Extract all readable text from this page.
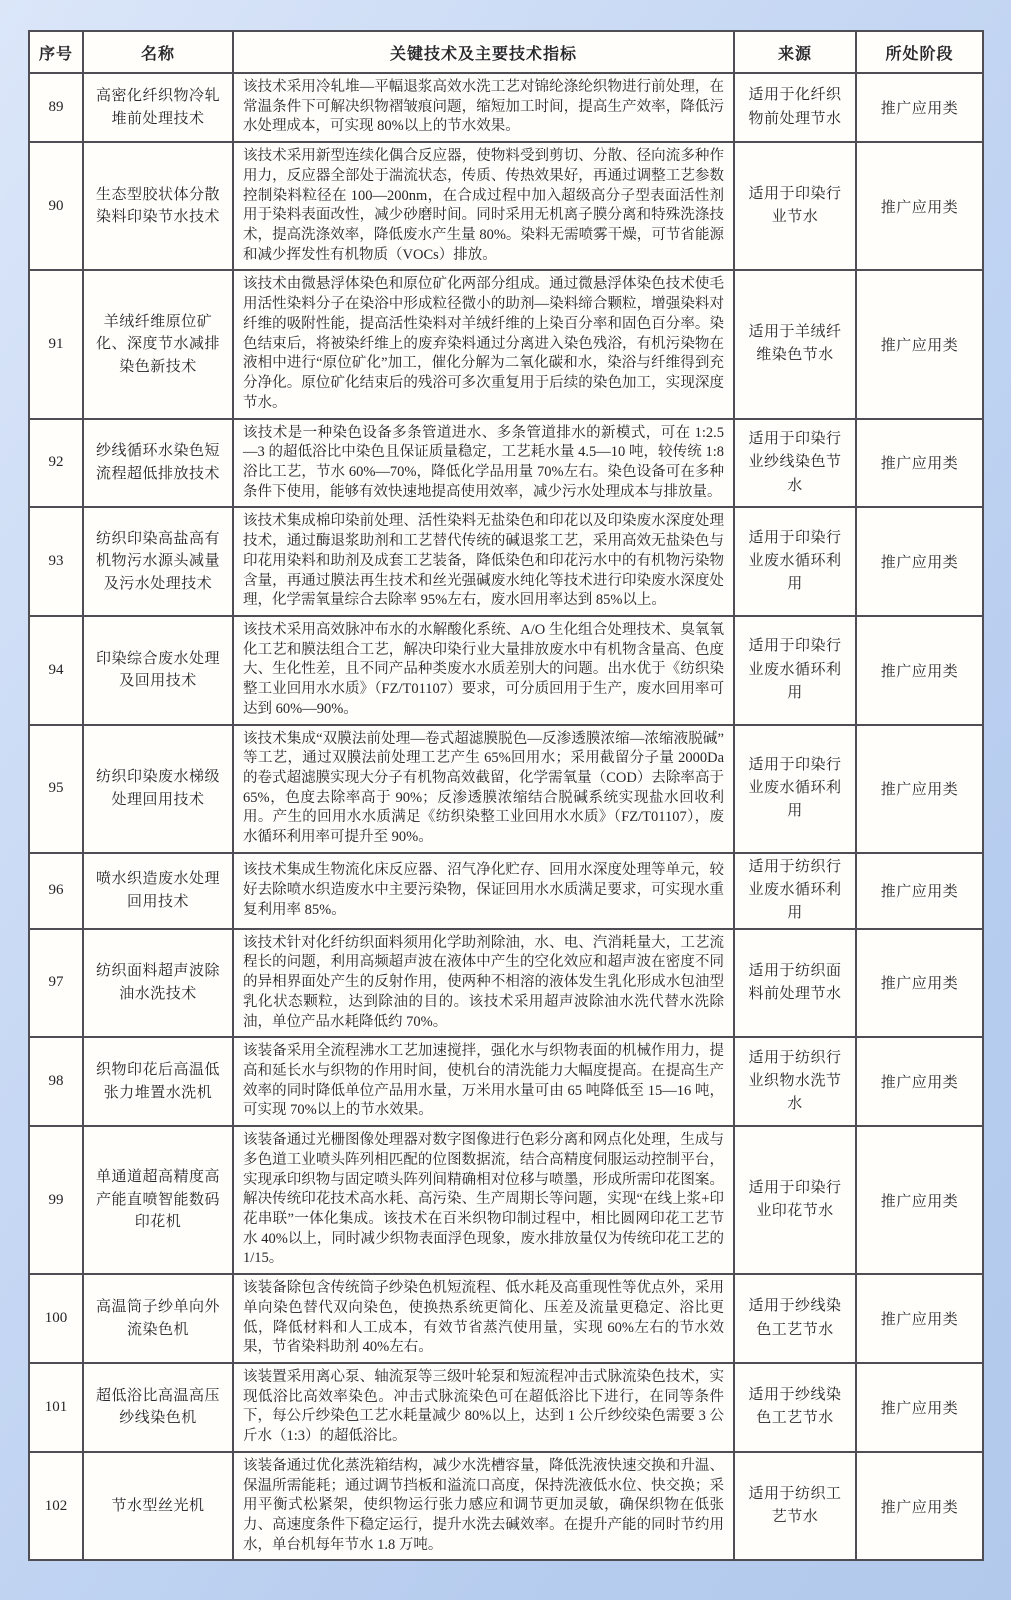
序号	名称	关键技术及主要技术指标	来源	所处阶段
89	高密化纤织物冷轧堆前处理技术	该技术采用冷轧堆—平幅退浆高效水洗工艺对锦纶涤纶织物进行前处理，在常温条件下可解决织物褶皱痕问题，缩短加工时间，提高生产效率，降低污水处理成本，可实现 80%以上的节水效果。	适用于化纤织物前处理节水	推广应用类
90	生态型胶状体分散染料印染节水技术	该技术采用新型连续化偶合反应器，使物料受到剪切、分散、径向流多种作用力，反应器全部处于湍流状态，传质、传热效果好，再通过调整工艺参数控制染料粒径在 100—200nm，在合成过程中加入超级高分子型表面活性剂用于染料表面改性，减少砂磨时间。同时采用无机离子膜分离和特殊洗涤技术，提高洗涤效率，降低废水产生量 80%。染料无需喷雾干燥，可节省能源和减少挥发性有机物质（VOCs）排放。	适用于印染行业节水	推广应用类
91	羊绒纤维原位矿化、深度节水减排染色新技术	该技术由微悬浮体染色和原位矿化两部分组成。通过微悬浮体染色技术使毛用活性染料分子在染浴中形成粒径微小的助剂—染料缔合颗粒，增强染料对纤维的吸附性能，提高活性染料对羊绒纤维的上染百分率和固色百分率。染色结束后，将被染纤维上的废弃染料通过分离进入染色残浴，有机污染物在液相中进行“原位矿化”加工，催化分解为二氧化碳和水，染浴与纤维得到充分净化。原位矿化结束后的残浴可多次重复用于后续的染色加工，实现深度节水。	适用于羊绒纤维染色节水	推广应用类
92	纱线循环水染色短流程超低排放技术	该技术是一种染色设备多条管道进水、多条管道排水的新模式，可在 1:2.5—3 的超低浴比中染色且保证质量稳定，工艺耗水量 4.5—10 吨，较传统 1:8 浴比工艺，节水 60%—70%，降低化学品用量 70%左右。染色设备可在多种条件下使用，能够有效快速地提高使用效率，减少污水处理成本与排放量。	适用于印染行业纱线染色节水	推广应用类
93	纺织印染高盐高有机物污水源头减量及污水处理技术	该技术集成棉印染前处理、活性染料无盐染色和印花以及印染废水深度处理技术，通过酶退浆助剂和工艺替代传统的碱退浆工艺，采用高效无盐染色与印花用染料和助剂及成套工艺装备，降低染色和印花污水中的有机物污染物含量，再通过膜法再生技术和丝光强碱废水纯化等技术进行印染废水深度处理，化学需氧量综合去除率 95%左右，废水回用率达到 85%以上。	适用于印染行业废水循环利用	推广应用类
94	印染综合废水处理及回用技术	该技术采用高效脉冲布水的水解酸化系统、A/O 生化组合处理技术、臭氧氧化工艺和膜法组合工艺，解决印染行业大量排放废水中有机物含量高、色度大、生化性差，且不同产品种类废水水质差别大的问题。出水优于《纺织染整工业回用水水质》（FZ/T01107）要求，可分质回用于生产，废水回用率可达到 60%—90%。	适用于印染行业废水循环利用	推广应用类
95	纺织印染废水梯级处理回用技术	该技术集成“双膜法前处理—卷式超滤膜脱色—反渗透膜浓缩—浓缩液脱碱”等工艺，通过双膜法前处理工艺产生 65%回用水；采用截留分子量 2000Da 的卷式超滤膜实现大分子有机物高效截留，化学需氧量（COD）去除率高于 65%，色度去除率高于 90%；反渗透膜浓缩结合脱碱系统实现盐水回收利用。产生的回用水水质满足《纺织染整工业回用水水质》（FZ/T01107），废水循环利用率可提升至 90%。	适用于印染行业废水循环利用	推广应用类
96	喷水织造废水处理回用技术	该技术集成生物流化床反应器、沼气净化贮存、回用水深度处理等单元，较好去除喷水织造废水中主要污染物，保证回用水水质满足要求，可实现水重复利用率 85%。	适用于纺织行业废水循环利用	推广应用类
97	纺织面料超声波除油水洗技术	该技术针对化纤纺织面料须用化学助剂除油，水、电、汽消耗量大，工艺流程长的问题，利用高频超声波在液体中产生的空化效应和超声波在密度不同的异相界面处产生的反射作用，使两种不相溶的液体发生乳化形成水包油型乳化状态颗粒，达到除油的目的。该技术采用超声波除油水洗代替水洗除油，单位产品水耗降低约 70%。	适用于纺织面料前处理节水	推广应用类
98	织物印花后高温低张力堆置水洗机	该装备采用全流程沸水工艺加速搅拌，强化水与织物表面的机械作用力，提高和延长水与织物的作用时间，使机台的清洗能力大幅度提高。在提高生产效率的同时降低单位产品用水量，万米用水量可由 65 吨降低至 15—16 吨，可实现 70%以上的节水效果。	适用于纺织行业织物水洗节水	推广应用类
99	单通道超高精度高产能直喷智能数码印花机	该装备通过光栅图像处理器对数字图像进行色彩分离和网点化处理，生成与多色道工业喷头阵列相匹配的位图数据流，结合高精度伺服运动控制平台，实现承印织物与固定喷头阵列间精确相对位移与喷墨，形成所需印花图案。解决传统印花技术高水耗、高污染、生产周期长等问题，实现“在线上浆+印花串联”一体化集成。该技术在百米织物印制过程中，相比圆网印花工艺节水 40%以上，同时减少织物表面浮色现象，废水排放量仅为传统印花工艺的 1/15。	适用于印染行业印花节水	推广应用类
100	高温筒子纱单向外流染色机	该装备除包含传统筒子纱染色机短流程、低水耗及高重现性等优点外，采用单向染色替代双向染色，使换热系统更简化、压差及流量更稳定、浴比更低，降低材料和人工成本，有效节省蒸汽使用量，实现 60%左右的节水效果，节省染料助剂 40%左右。	适用于纱线染色工艺节水	推广应用类
101	超低浴比高温高压纱线染色机	该装置采用离心泵、轴流泵等三级叶轮泵和短流程冲击式脉流染色技术，实现低浴比高效率染色。冲击式脉流染色可在超低浴比下进行，在同等条件下，每公斤纱染色工艺水耗量减少 80%以上，达到 1 公斤纱绞染色需要 3 公斤水（1:3）的超低浴比。	适用于纱线染色工艺节水	推广应用类
102	节水型丝光机	该装备通过优化蒸洗箱结构，减少水洗槽容量，降低洗液快速交换和升温、保温所需能耗；通过调节挡板和溢流口高度，保持洗液低水位、快交换；采用平衡式松紧架，使织物运行张力感应和调节更加灵敏，确保织物在低张力、高速度条件下稳定运行，提升水洗去碱效率。在提升产能的同时节约用水，单台机每年节水 1.8 万吨。	适用于纺织工艺节水	推广应用类
